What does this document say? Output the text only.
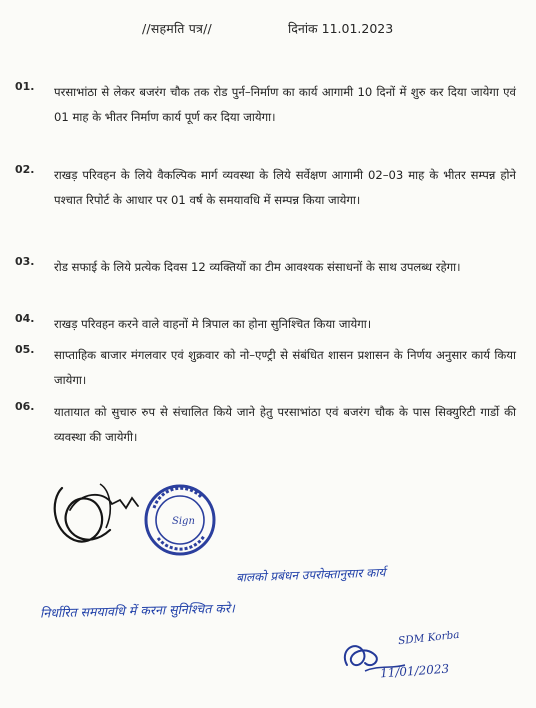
//सहमति पत्र//	दिनांक 11.01.2023
01. परसाभांठा से लेकर बजरंग चौक तक रोड पुर्न–निर्माण का कार्य आगामी 10 दिनों में शुरु कर दिया जायेगा एवं 01 माह के भीतर निर्माण कार्य पूर्ण कर दिया जायेगा।
02. राखड़ परिवहन के लिये वैकल्पिक मार्ग व्यवस्था के लिये सर्वेक्षण आगामी 02–03 माह के भीतर सम्पन्न होने पश्चात रिपोर्ट के आधार पर 01 वर्ष के समयावधि में सम्पन्न किया जायेगा।
03. रोड सफाई के लिये प्रत्येक दिवस 12 व्यक्तियों का टीम आवश्यक संसाधनों के साथ उपलब्ध रहेगा।
04. राखड़ परिवहन करने वाले वाहनों मे त्रिपाल का होना सुनिश्चित किया जायेगा।
05. साप्ताहिक बाजार मंगलवार एवं शुक्रवार को नो–एण्ट्री से संबंधित शासन प्रशासन के निर्णय अनुसार कार्य किया जायेगा।
06. यातायात को सुचारु रुप से संचालित किये जाने हेतु परसाभांठा एवं बजरंग चौक के पास सिक्युरिटी गार्डो की व्यवस्था की जायेगी।
Sign
बालको प्रबंधन उपरोक्तानुसार कार्य
निर्धारित समयावधि में करना सुनिश्चित करे।
SDM Korba
11/01/2023
